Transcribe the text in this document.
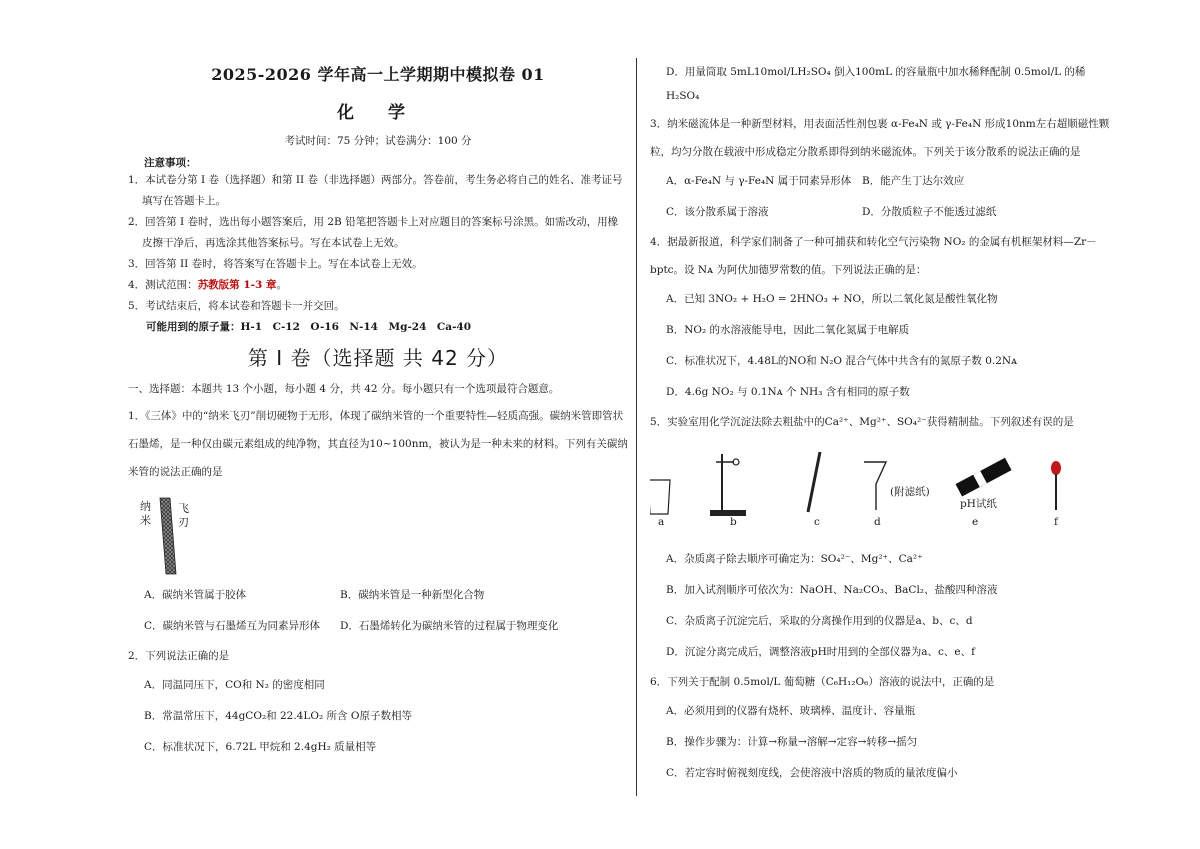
2025-2026 学年高一上学期期中模拟卷 01
化 学
考试时间：75 分钟；试卷满分：100 分
注意事项：
1．本试卷分第 I 卷（选择题）和第 II 卷（非选择题）两部分。答卷前，考生务必将自己的姓名、准考证号填写在答题卡上。
2．回答第 I 卷时，选出每小题答案后，用 2B 铅笔把答题卡上对应题目的答案标号涂黑。如需改动，用橡皮擦干净后，再选涂其他答案标号。写在本试卷上无效。
3．回答第 II 卷时，将答案写在答题卡上。写在本试卷上无效。
4．测试范围：苏教版第 1-3 章。
5．考试结束后，将本试卷和答题卡一并交回。
可能用到的原子量：H-1　C-12　O-16　N-14　Mg-24　Ca-40
第 I 卷（选择题 共 42 分）
一、选择题：本题共 13 个小题，每小题 4 分，共 42 分。每小题只有一个选项最符合题意。
1．《三体》中的“纳米飞刃”削切硬物于无形，体现了碳纳米管的一个重要特性—轻质高强。碳纳米管即管状石墨烯，是一种仅由碳元素组成的纯净物，其直径为10~100nm，被认为是一种未来的材料。下列有关碳纳米管的说法正确的是
纳米
飞刃
A．碳纳米管属于胶体	B．碳纳米管是一种新型化合物
C．碳纳米管与石墨烯互为同素异形体	D．石墨烯转化为碳纳米管的过程属于物理变化
2．下列说法正确的是
A．同温同压下，CO和 N₂ 的密度相同
B．常温常压下，44gCO₂和 22.4LO₂ 所含 O原子数相等
C．标准状况下，6.72L 甲烷和 2.4gH₂ 质量相等
D．用量筒取 5mL10mol/LH₂SO₄ 倒入100mL 的容量瓶中加水稀释配制 0.5mol/L 的稀 H₂SO₄
3．纳米磁流体是一种新型材料，用表面活性剂包裹 α-Fe₄N 或 γ-Fe₄N 形成10nm左右超顺磁性颗粒，均匀分散在载液中形成稳定分散系即得到纳米磁流体。下列关于该分散系的说法正确的是
A．α-Fe₄N 与 γ-Fe₄N 属于同素异形体	B．能产生丁达尔效应
C．该分散系属于溶液	D．分散质粒子不能透过滤纸
4．据最新报道，科学家们制备了一种可捕获和转化空气污染物 NO₂ 的金属有机框架材料—Zr－bptc。设 Nᴀ 为阿伏加德罗常数的值。下列说法正确的是：
A．已知 3NO₂ + H₂O = 2HNO₃ + NO，所以二氧化氮是酸性氧化物
B．NO₂ 的水溶液能导电，因此二氧化氮属于电解质
C．标准状况下，4.48L的NO和 N₂O 混合气体中共含有的氮原子数 0.2Nᴀ
D．4.6g NO₂ 与 0.1Nᴀ 个 NH₃ 含有相同的原子数
5．实验室用化学沉淀法除去粗盐中的Ca²⁺、Mg²⁺、SO₄²⁻获得精制盐。下列叙述有误的是
(附滤纸)
pH试纸
a	b	c	d	e	f
A．杂质离子除去顺序可确定为：SO₄²⁻、Mg²⁺、Ca²⁺
B．加入试剂顺序可依次为：NaOH、Na₂CO₃、BaCl₂、盐酸四种溶液
C．杂质离子沉淀完后，采取的分离操作用到的仪器是a、b、c、d
D．沉淀分离完成后，调整溶液pH时用到的全部仪器为a、c、e、f
6．下列关于配制 0.5mol/L 葡萄糖（C₆H₁₂O₆）溶液的说法中，正确的是
A．必须用到的仪器有烧杯、玻璃棒、温度计、容量瓶
B．操作步骤为：计算→称量→溶解→定容→转移→摇匀
C．若定容时俯视刻度线，会使溶液中溶质的物质的量浓度偏小
